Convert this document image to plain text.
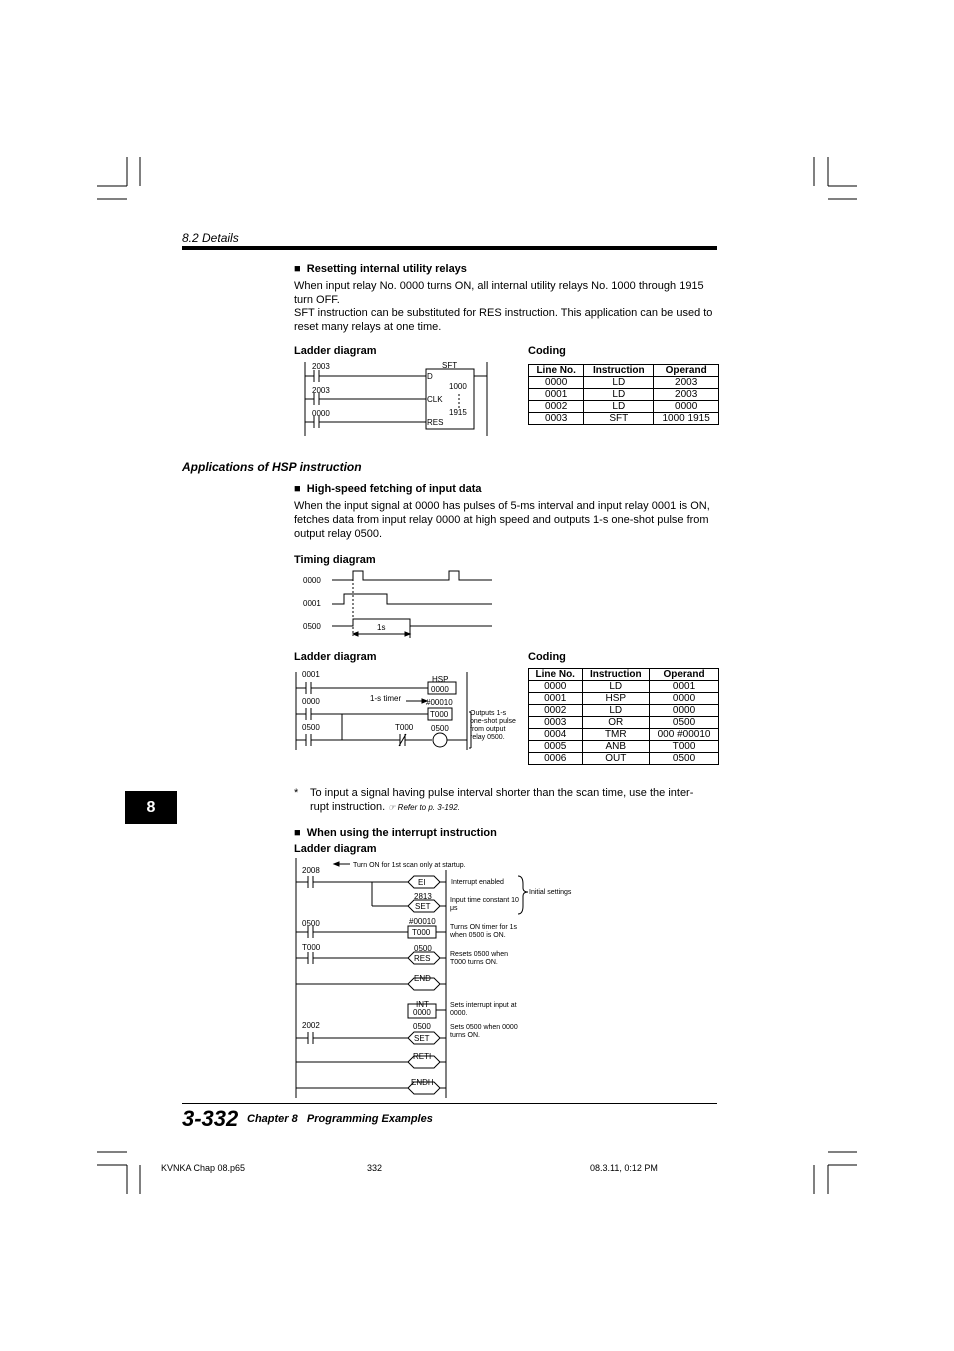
8.2 Details
■  Resetting internal utility relays
When input relay No. 0000 turns ON, all internal utility relays No. 1000 through 1915 turn OFF.
SFT instruction can be substituted for RES instruction. This application can be used to reset many relays at one time.
Ladder diagram	Coding
2003
2003
0000
SFT
D
CLK
RES
1000
1915
Line No.	Instruction	Operand
0000	LD	2003
0001	LD	2003
0002	LD	0000
0003	SFT	1000 1915
Applications of HSP instruction
■  High-speed fetching of input data
When the input signal at 0000 has pulses of 5-ms interval and input relay 0001 is ON, fetches data from input relay 0000 at high speed and outputs 1-s one-shot pulse from output relay 0500.
Timing diagram
0000
0001
0500	1s
Ladder diagram	Coding
0001
HSP
0000
0000	1-s timer	#00010
T000
0500	T000 0500
Outputs 1-s one-shot pulse from output relay 0500.
Line No.	Instruction	Operand
0000	LD	0001
0001	HSP	0000
0002	LD	0000
0003	OR	0500
0004	TMR	000 #00010
0005	ANB	T000
0006	OUT	0500
* To input a signal having pulse interval shorter than the scan time, use the inter-rupt instruction. ☞ Refer to p. 3-192.
8
■  When using the interrupt instruction
Ladder diagram
2008
Turn ON for 1st scan only at startup.
EI	Interrupt enabled
2813
SET
Initial settings
0500	#00010
T000
T000	0500
RES
END
INT
0000
2002	0500
SET
RETI
ENDH
Input time constant 10 μs
Turns ON timer for 1s when 0500 is ON.
Resets 0500 when T000 turns ON.
Sets interrupt input at 0000.
Sets 0500 when 0000 turns ON.
3-332 Chapter 8 Programming Examples
KVNKA Chap 08.p65	332	08.3.11, 0:12 PM
